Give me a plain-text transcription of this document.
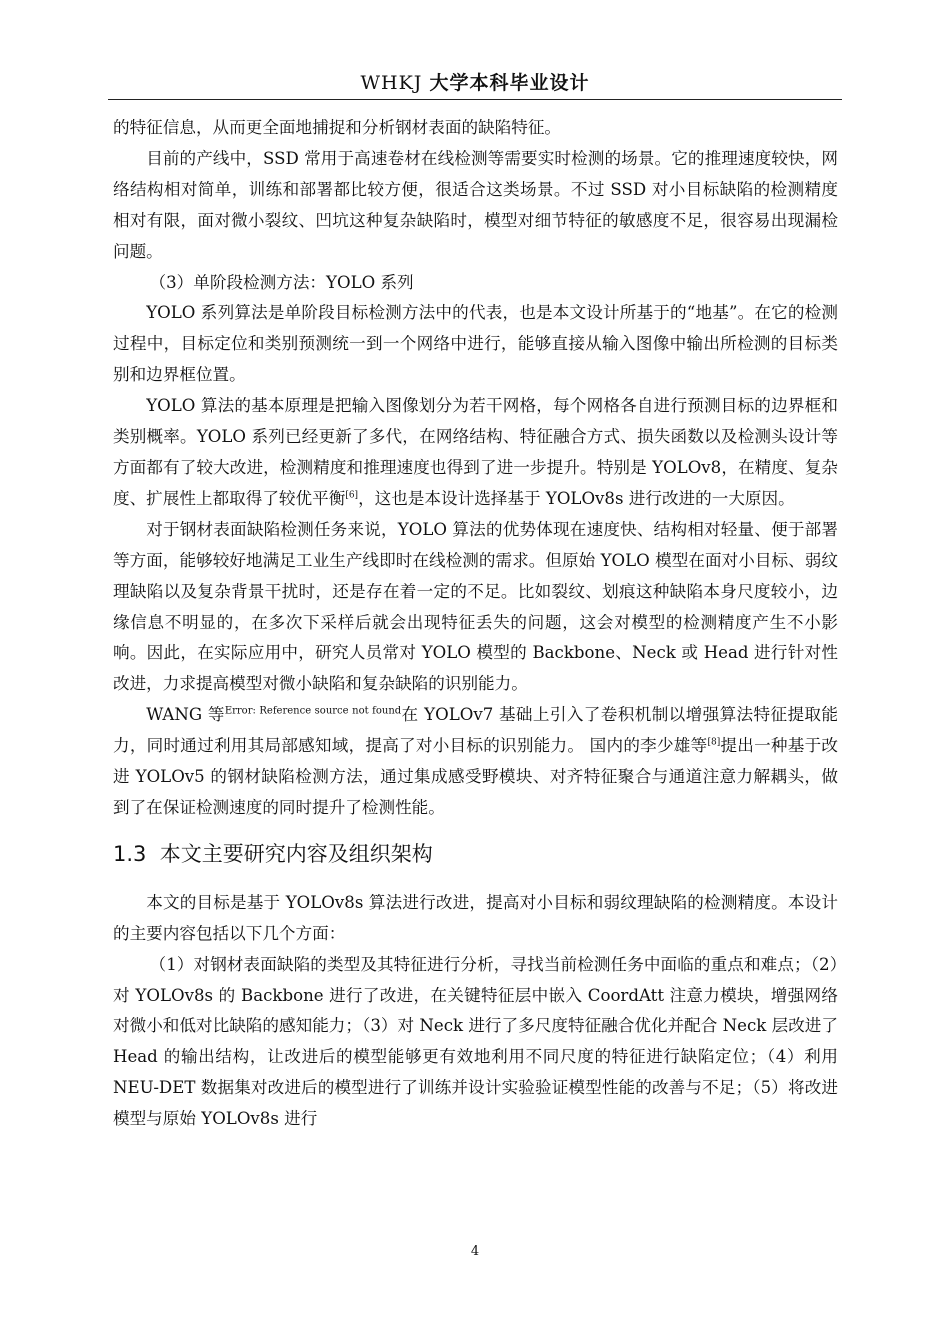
WHKJ 大学本科毕业设计

的特征信息，从而更全面地捕捉和分析钢材表面的缺陷特征。

目前的产线中，SSD 常用于高速卷材在线检测等需要实时检测的场景。它的推理速度较快，网络结构相对简单，训练和部署都比较方便，很适合这类场景。不过 SSD 对小目标缺陷的检测精度相对有限，面对微小裂纹、凹坑这种复杂缺陷时，模型对细节特征的敏感度不足，很容易出现漏检问题。

（3）单阶段检测方法：YOLO 系列

YOLO 系列算法是单阶段目标检测方法中的代表，也是本文设计所基于的“地基”。在它的检测过程中，目标定位和类别预测统一到一个网络中进行，能够直接从输入图像中输出所检测的目标类别和边界框位置。

YOLO 算法的基本原理是把输入图像划分为若干网格，每个网格各自进行预测目标的边界框和类别概率。YOLO 系列已经更新了多代，在网络结构、特征融合方式、损失函数以及检测头设计等方面都有了较大改进，检测精度和推理速度也得到了进一步提升。特别是 YOLOv8，在精度、复杂度、扩展性上都取得了较优平衡[6]，这也是本设计选择基于 YOLOv8s 进行改进的一大原因。

对于钢材表面缺陷检测任务来说，YOLO 算法的优势体现在速度快、结构相对轻量、便于部署等方面，能够较好地满足工业生产线即时在线检测的需求。但原始 YOLO 模型在面对小目标、弱纹理缺陷以及复杂背景干扰时，还是存在着一定的不足。比如裂纹、划痕这种缺陷本身尺度较小，边缘信息不明显的，在多次下采样后就会出现特征丢失的问题，这会对模型的检测精度产生不小影响。因此，在实际应用中，研究人员常对 YOLO 模型的 Backbone、Neck 或 Head 进行针对性改进，力求提高模型对微小缺陷和复杂缺陷的识别能力。

WANG 等$^{Error: Reference source not found}$在 YOLOv7 基础上引入了卷积机制以增强算法特征提取能力，同时通过利用其局部感知域，提高了对小目标的识别能力。 国内的李少雄等[8]提出一种基于改进 YOLOv5 的钢材缺陷检测方法，通过集成感受野模块、对齐特征聚合与通道注意力解耦头，做到了在保证检测速度的同时提升了检测性能。

1.3 本文主要研究内容及组织架构

本文的目标是基于 YOLOv8s 算法进行改进，提高对小目标和弱纹理缺陷的检测精度。本设计的主要内容包括以下几个方面：

（1）对钢材表面缺陷的类型及其特征进行分析，寻找当前检测任务中面临的重点和难点；（2）对 YOLOv8s 的 Backbone 进行了改进，在关键特征层中嵌入 CoordAtt 注意力模块，增强网络对微小和低对比缺陷的感知能力；（3）对 Neck 进行了多尺度特征融合优化并配合 Neck 层改进了 Head 的输出结构，让改进后的模型能够更有效地利用不同尺度的特征进行缺陷定位；（4）利用 NEU-DET 数据集对改进后的模型进行了训练并设计实验验证模型性能的改善与不足；（5）将改进模型与原始 YOLOv8s 进行

4
